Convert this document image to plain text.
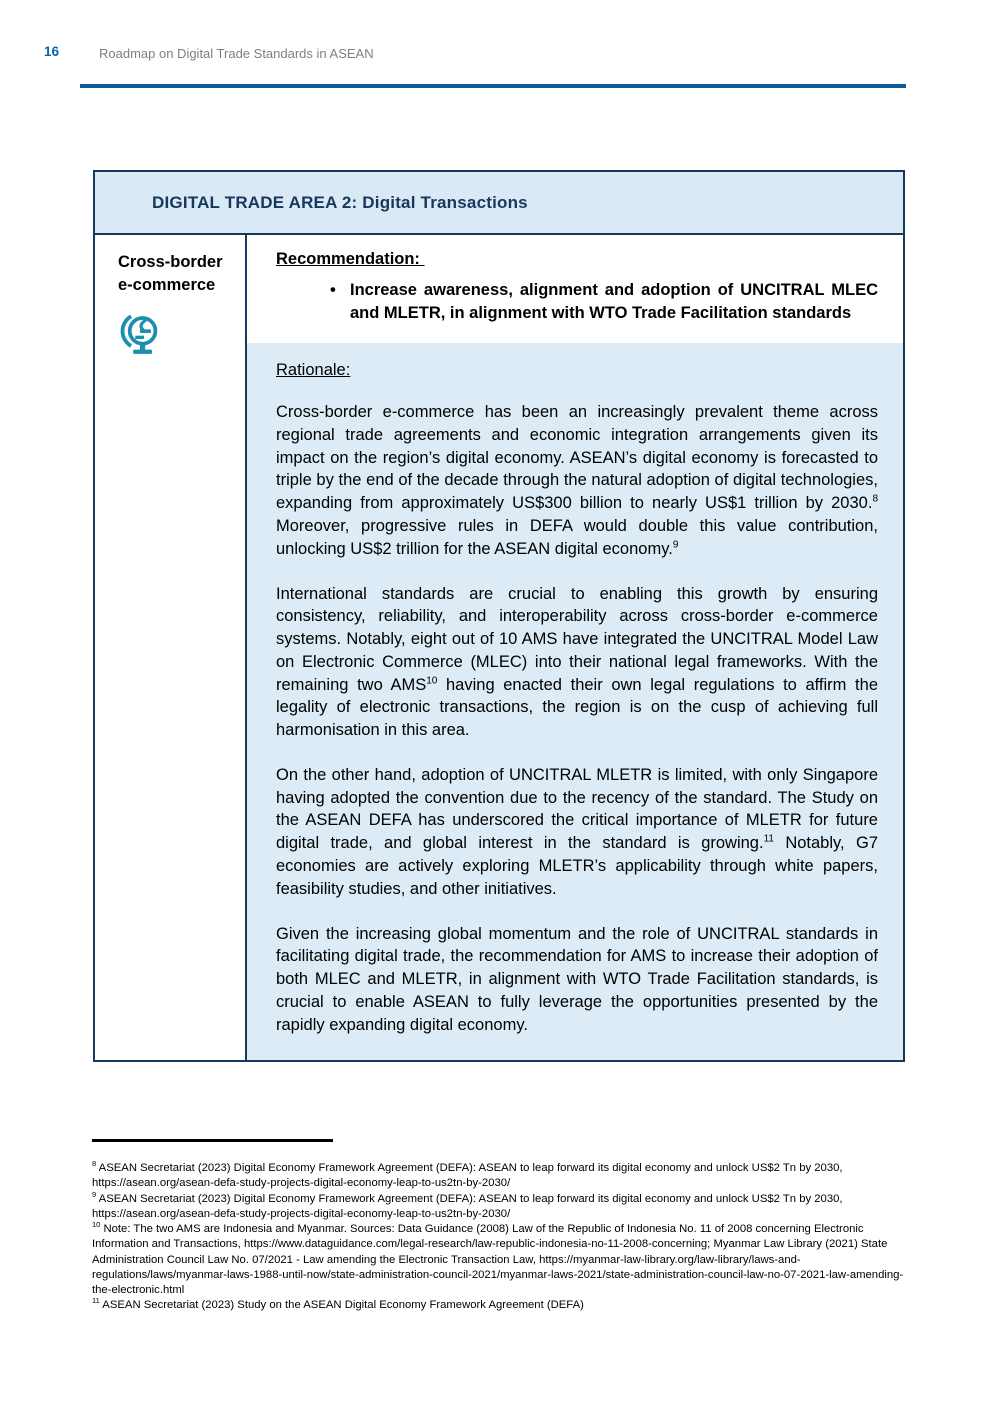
16	Roadmap on Digital Trade Standards in ASEAN
DIGITAL TRADE AREA 2: Digital Transactions
Cross-border e-commerce
Recommendation:
• Increase awareness, alignment and adoption of UNCITRAL MLEC and MLETR, in alignment with WTO Trade Facilitation standards
Rationale:

Cross-border e-commerce has been an increasingly prevalent theme across regional trade agreements and economic integration arrangements given its impact on the region’s digital economy. ASEAN’s digital economy is forecasted to triple by the end of the decade through the natural adoption of digital technologies, expanding from approximately US$300 billion to nearly US$1 trillion by 2030.$^8$ Moreover, progressive rules in DEFA would double this value contribution, unlocking US$2 trillion for the ASEAN digital economy.$^9$

International standards are crucial to enabling this growth by ensuring consistency, reliability, and interoperability across cross-border e-commerce systems. Notably, eight out of 10 AMS have integrated the UNCITRAL Model Law on Electronic Commerce (MLEC) into their national legal frameworks. With the remaining two AMS$^{10}$ having enacted their own legal regulations to affirm the legality of electronic transactions, the region is on the cusp of achieving full harmonisation in this area.

On the other hand, adoption of UNCITRAL MLETR is limited, with only Singapore having adopted the convention due to the recency of the standard. The Study on the ASEAN DEFA has underscored the critical importance of MLETR for future digital trade, and global interest in the standard is growing.$^{11}$ Notably, G7 economies are actively exploring MLETR’s applicability through white papers, feasibility studies, and other initiatives.

Given the increasing global momentum and the role of UNCITRAL standards in facilitating digital trade, the recommendation for AMS to increase their adoption of both MLEC and MLETR, in alignment with WTO Trade Facilitation standards, is crucial to enable ASEAN to fully leverage the opportunities presented by the rapidly expanding digital economy.

$^8$ ASEAN Secretariat (2023) Digital Economy Framework Agreement (DEFA): ASEAN to leap forward its digital economy and unlock US$2 Tn by 2030, https://asean.org/asean-defa-study-projects-digital-economy-leap-to-us2tn-by-2030/
$^9$ ASEAN Secretariat (2023) Digital Economy Framework Agreement (DEFA): ASEAN to leap forward its digital economy and unlock US$2 Tn by 2030, https://asean.org/asean-defa-study-projects-digital-economy-leap-to-us2tn-by-2030/
$^{10}$ Note: The two AMS are Indonesia and Myanmar. Sources: Data Guidance (2008) Law of the Republic of Indonesia No. 11 of 2008 concerning Electronic Information and Transactions, https://www.dataguidance.com/legal-research/law-republic-indonesia-no-11-2008-concerning; Myanmar Law Library (2021) State Administration Council Law No. 07/2021 - Law amending the Electronic Transaction Law, https://myanmar-law-library.org/law-library/laws-and-regulations/laws/myanmar-laws-1988-until-now/state-administration-council-2021/myanmar-laws-2021/state-administration-council-law-no-07-2021-law-amending-the-electronic.html
$^{11}$ ASEAN Secretariat (2023) Study on the ASEAN Digital Economy Framework Agreement (DEFA)
